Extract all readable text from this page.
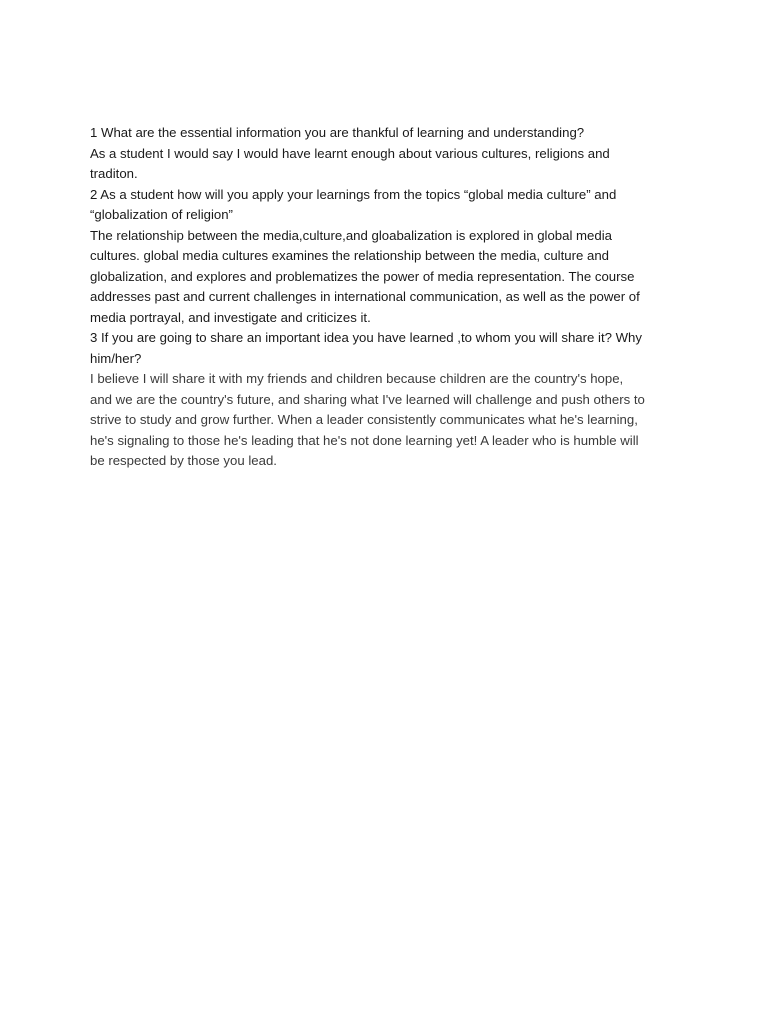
1 What are the essential information you are thankful of learning and understanding?

As a student I would say I would have learnt enough about various cultures, religions and
traditon.

2 As a student how will you apply your learnings from the topics “global media culture” and
“globalization of religion”

The relationship between the media,culture,and gloabalization is explored in global media
cultures. global media cultures examines the relationship between the media, culture and
globalization, and explores and problematizes the power of media representation. The course
addresses past and current challenges in international communication, as well as the power of
media portrayal, and investigate and criticizes it.

3 If you are going to share an important idea you have learned ,to whom you will share it? Why
him/her?

I believe I will share it with my friends and children because children are the country's hope,
and we are the country's future, and sharing what I've learned will challenge and push others to
strive to study and grow further. When a leader consistently communicates what he's learning,
he's signaling to those he's leading that he's not done learning yet! A leader who is humble will
be respected by those you lead.
